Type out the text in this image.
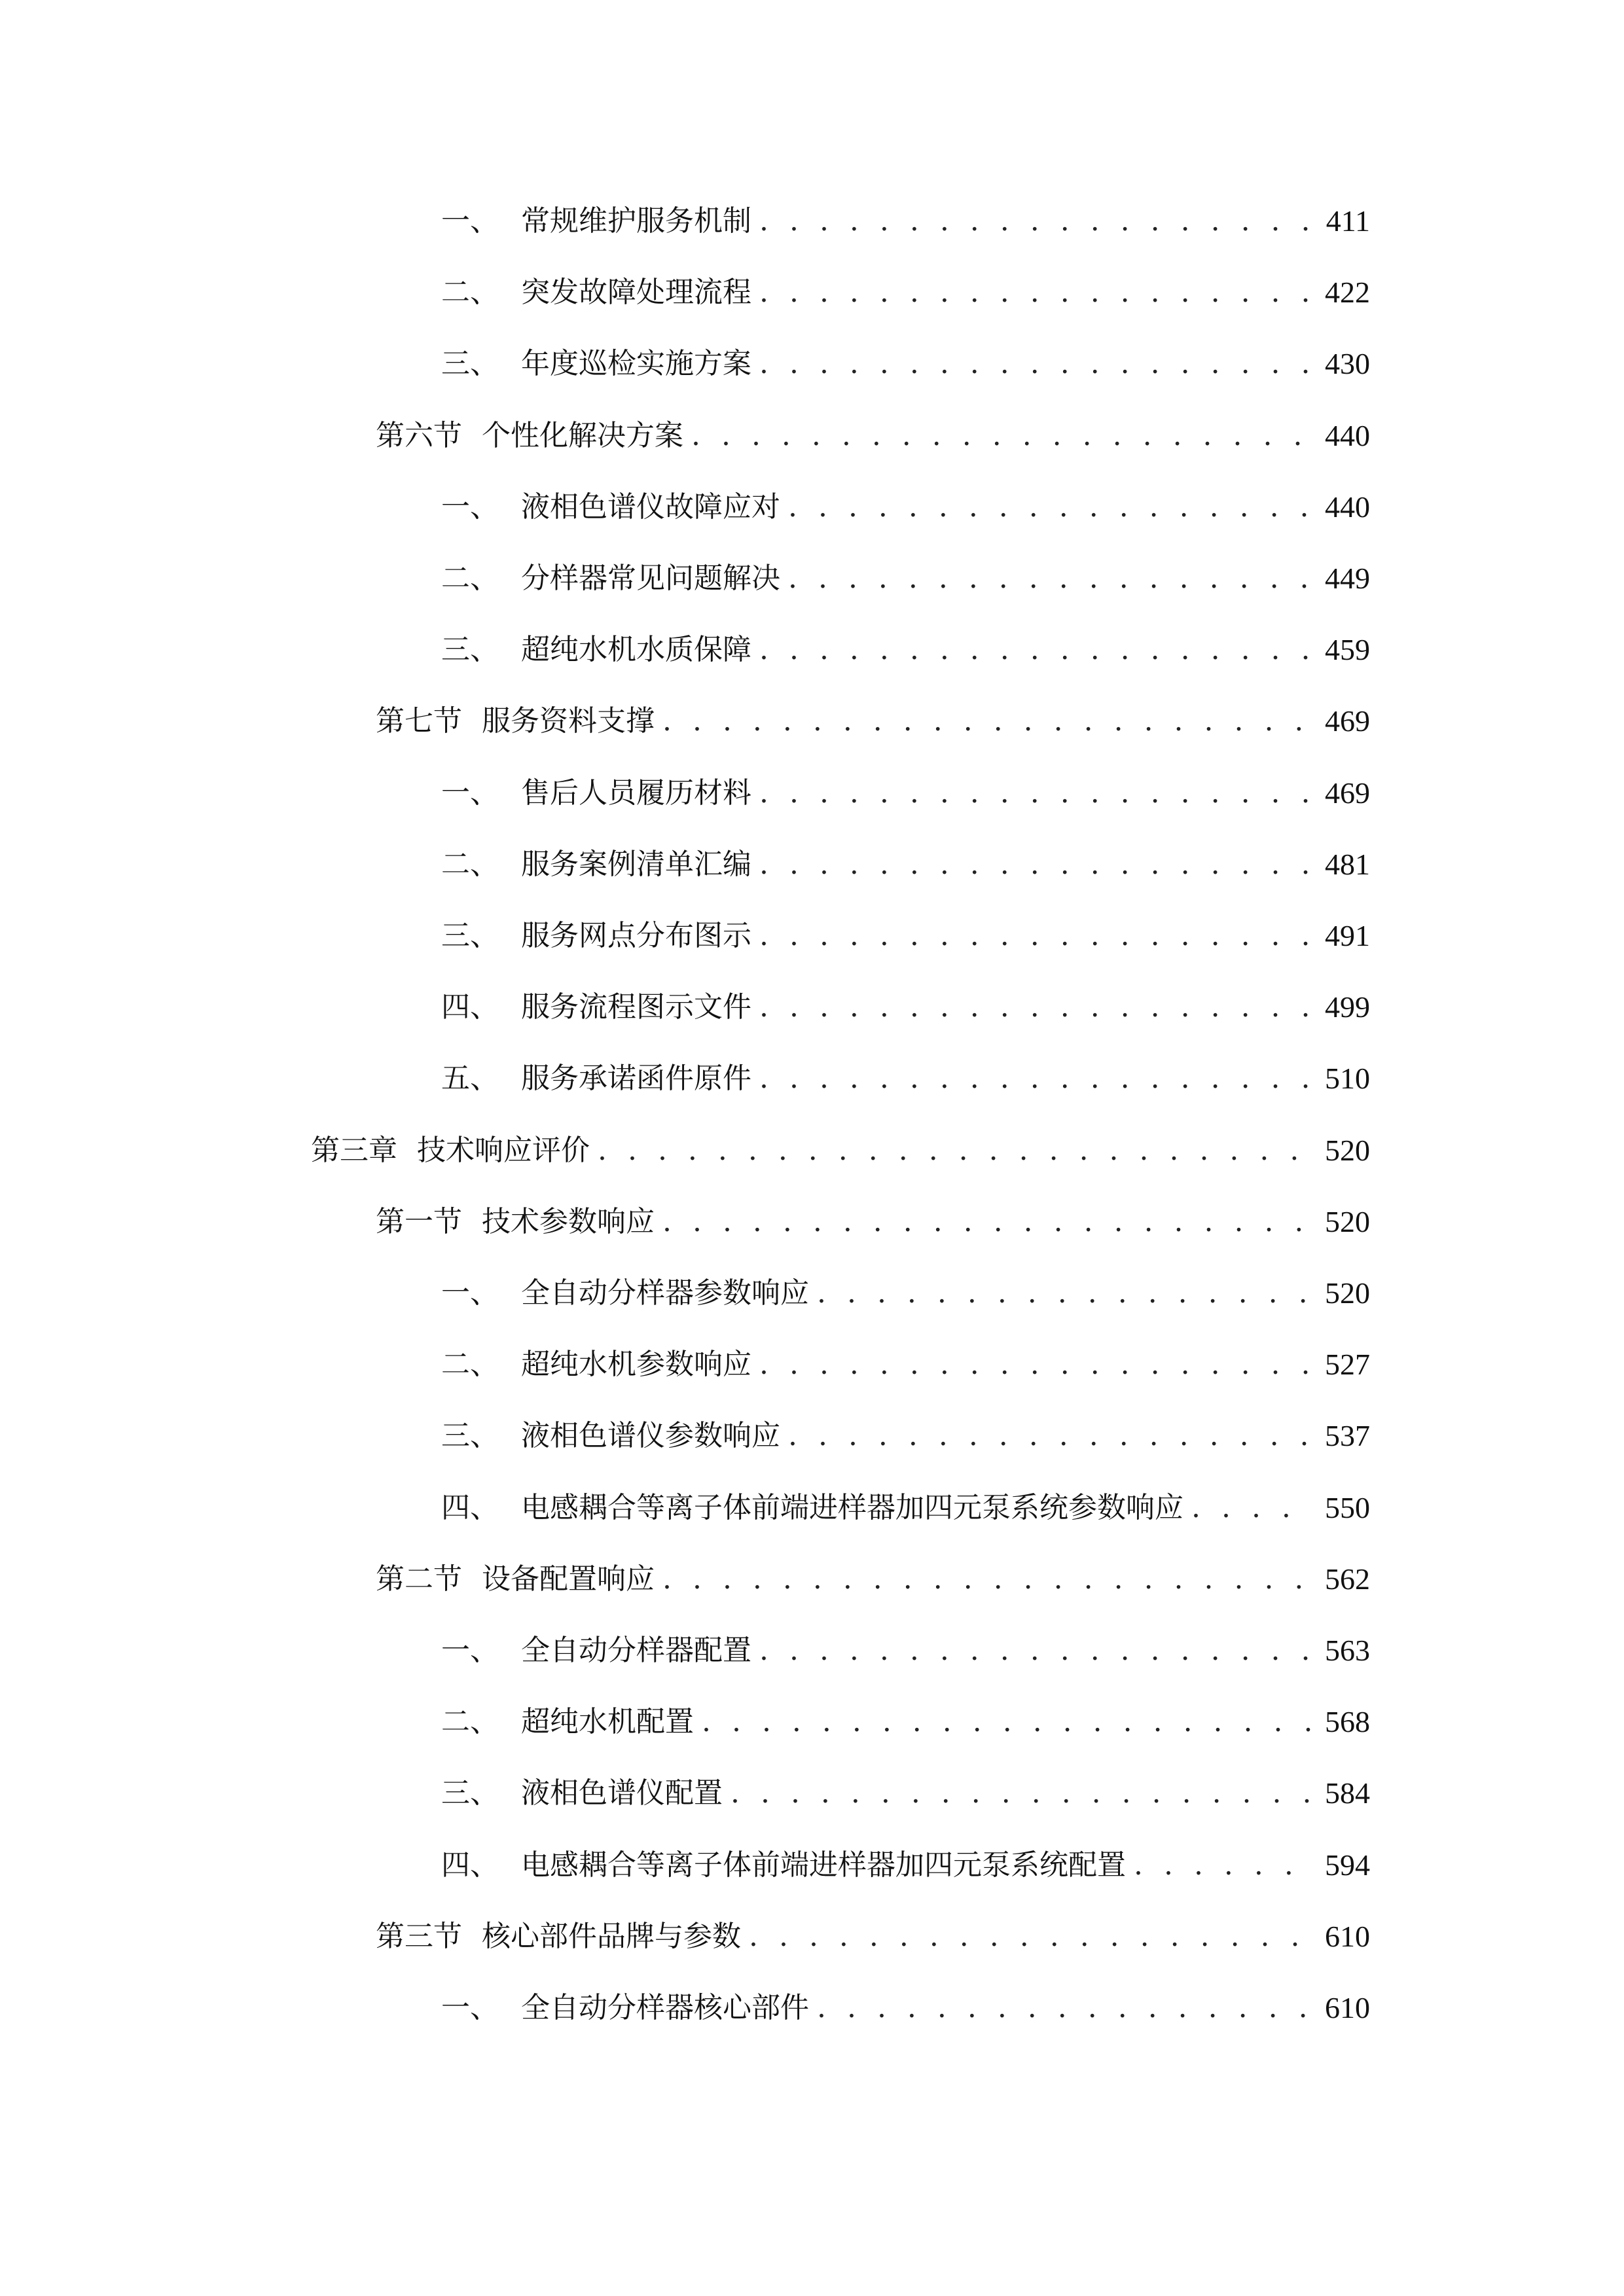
一、 常规维护服务机制 . . .	411
二、 突发故障处理流程 . . .	422
三、 年度巡检实施方案 . . .	430
第六节 个性化解决方案 . . .	440
一、 液相色谱仪故障应对 . . .	440
二、 分样器常见问题解决 . . .	449
三、 超纯水机水质保障 . . .	459
第七节 服务资料支撑 . . .	469
一、 售后人员履历材料 . . .	469
二、 服务案例清单汇编 . . .	481
三、 服务网点分布图示 . . .	491
四、 服务流程图示文件 . . .	499
五、 服务承诺函件原件 . . .	510
第三章 技术响应评价 . . .	520
第一节 技术参数响应 . . .	520
一、 全自动分样器参数响应 . . .	520
二、 超纯水机参数响应 . . .	527
三、 液相色谱仪参数响应 . . .	537
四、 电感耦合等离子体前端进样器加四元泵系统参数响应 . . .	550
第二节 设备配置响应 . . .	562
一、 全自动分样器配置 . . .	563
二、 超纯水机配置 . . .	568
三、 液相色谱仪配置 . . .	584
四、 电感耦合等离子体前端进样器加四元泵系统配置 . . .	594
第三节 核心部件品牌与参数 . . .	610
一、 全自动分样器核心部件 . . .	610
